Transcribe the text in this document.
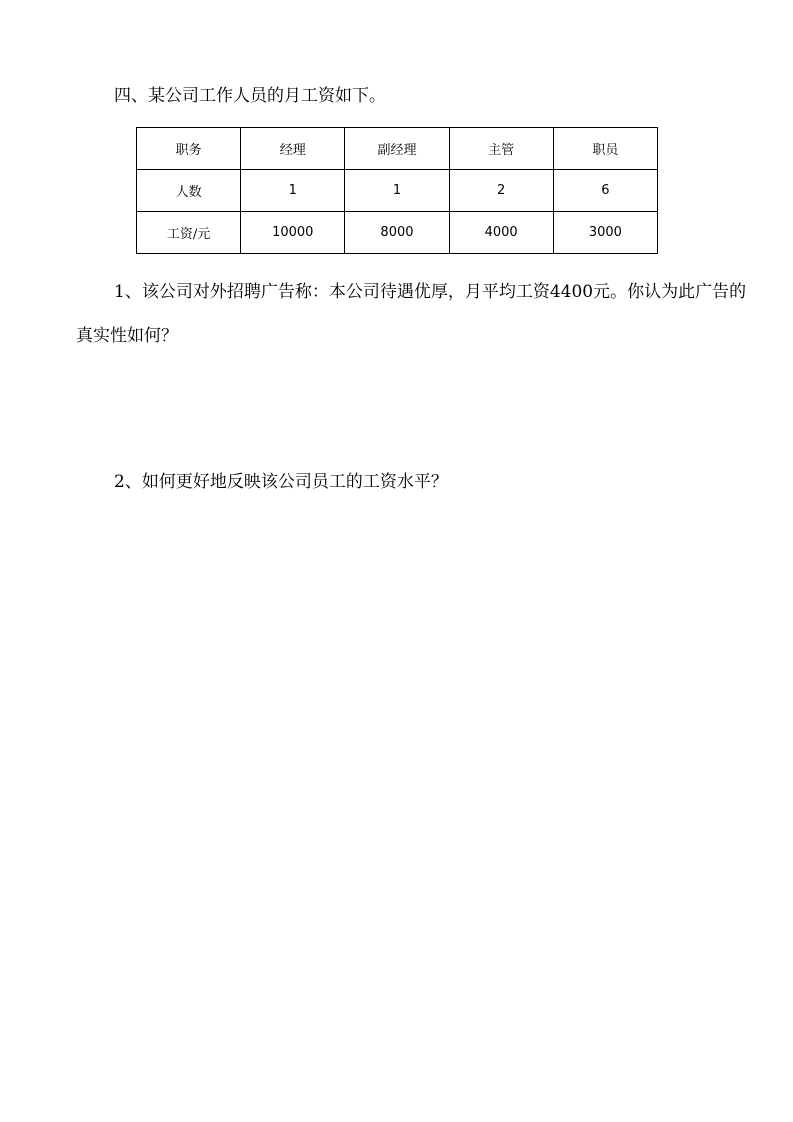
四、某公司工作人员的月工资如下。
职务	经理	副经理	主管	职员
人数	1	1	2	6
工资/元	10000	8000	4000	3000

1、该公司对外招聘广告称：本公司待遇优厚，月平均工资4400元。你认为此广告的真实性如何？

2、如何更好地反映该公司员工的工资水平？
